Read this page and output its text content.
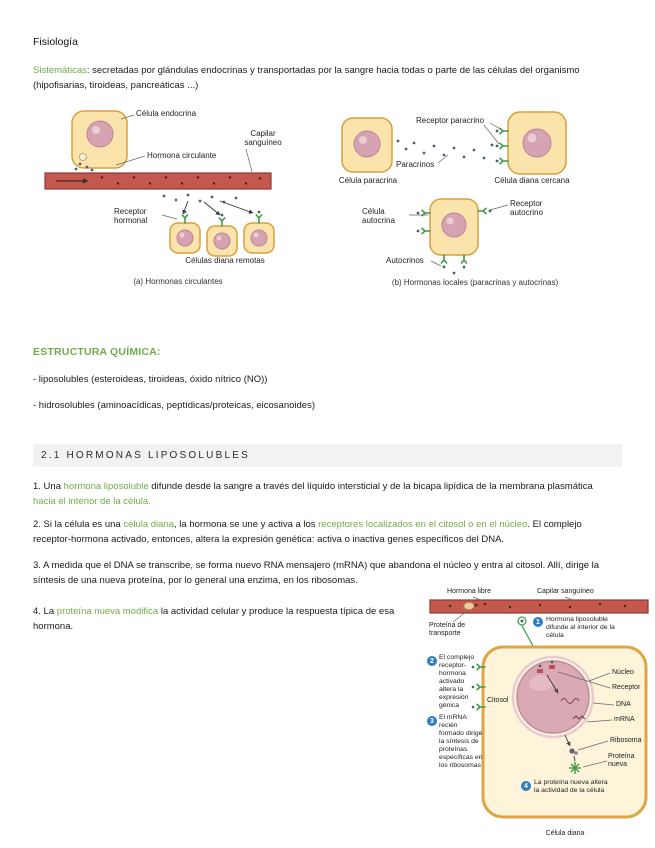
Fisiología

Sistemáticas: secretadas por glándulas endocrinas y transportadas por la sangre hacia todas o parte de las células del organismo (hipofisarias, tiroideas, pancreáticas ...)

Célula endocrina
Capilar sanguíneo
Hormona circulante
Receptor hormonal
Células diana remotas
(a) Hormonas circulantes
Receptor paracrino
Paracrinos
Célula paracrina	Célula diana cercana
Célula autocrina
Receptor autocrino
Autocrinos
(b) Hormonas locales (paracrinas y autocrinas)
ESTRUCTURA QUÍMICA:
- liposolubles (esteroideas, tiroideas, óxido nítrico (NO))
- hidrosolubles (aminoacídicas, peptídicas/proteicas, eicosanoides)
2.1 HORMONAS LIPOSOLUBLES

1. Una hormona liposoluble difunde desde la sangre a través del líquido intersticial y de la bicapa lipídica de la membrana plasmática hacia el interior de la célula.

2. Si la célula es una célula diana, la hormona se une y activa a los receptores localizados en el citosol o en el núcleo. El complejo receptor-hormona activado, entonces, altera la expresión genética: activa o inactiva genes específicos del DNA.

3. A medida que el DNA se transcribe, se forma nuevo RNA mensajero (mRNA) que abandona el núcleo y entra al citosol. Allí, dirige la síntesis de una nueva proteína, por lo general una enzima, en los ribosomas.

4. La proteína nueva modifica la actividad celular y produce la respuesta típica de esa hormona.

Hormona libre	Capilar sanguíneo
Proteína de transporte
1 Hormona liposoluble difunde al interior de la célula
2 El complejo receptor-hormona activado altera la expresión génica
3 El mRNA recién formado dirige la síntesis de proteínas específicas en los ribosomas
4 La proteína nueva altera la actividad de la célula
Núcleo
Receptor
Citosol
DNA
mRNA
Ribosoma
Proteína nueva
Célula diana
